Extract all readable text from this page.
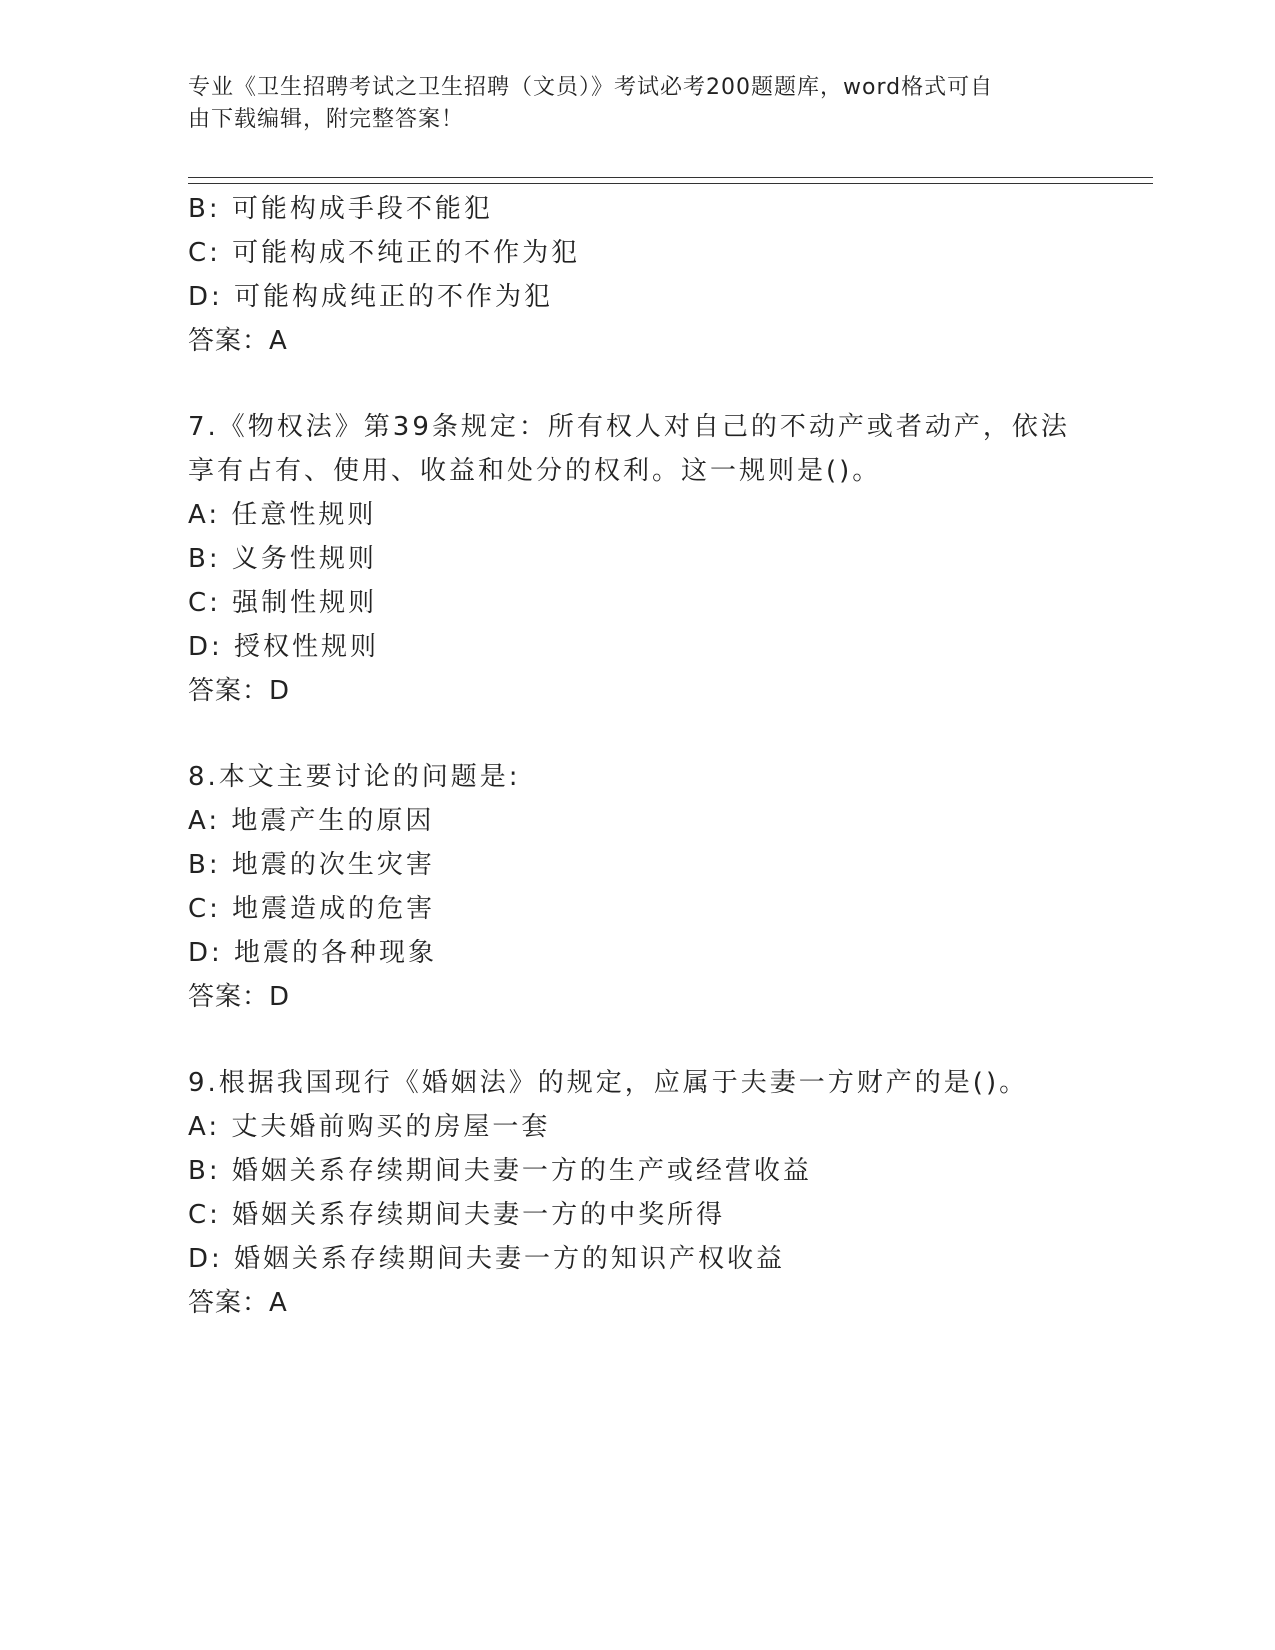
专业《卫生招聘考试之卫生招聘（文员）》考试必考200题题库，word格式可自
由下载编辑，附完整答案！
B: 可能构成手段不能犯
C: 可能构成不纯正的不作为犯
D: 可能构成纯正的不作为犯
答案：A
7.《物权法》第39条规定：所有权人对自己的不动产或者动产，依法
享有占有、使用、收益和处分的权利。这一规则是()。
A: 任意性规则
B: 义务性规则
C: 强制性规则
D: 授权性规则
答案：D
8.本文主要讨论的问题是:
A: 地震产生的原因
B: 地震的次生灾害
C: 地震造成的危害
D: 地震的各种现象
答案：D
9.根据我国现行《婚姻法》的规定，应属于夫妻一方财产的是()。
A: 丈夫婚前购买的房屋一套
B: 婚姻关系存续期间夫妻一方的生产或经营收益
C: 婚姻关系存续期间夫妻一方的中奖所得
D: 婚姻关系存续期间夫妻一方的知识产权收益
答案：A
